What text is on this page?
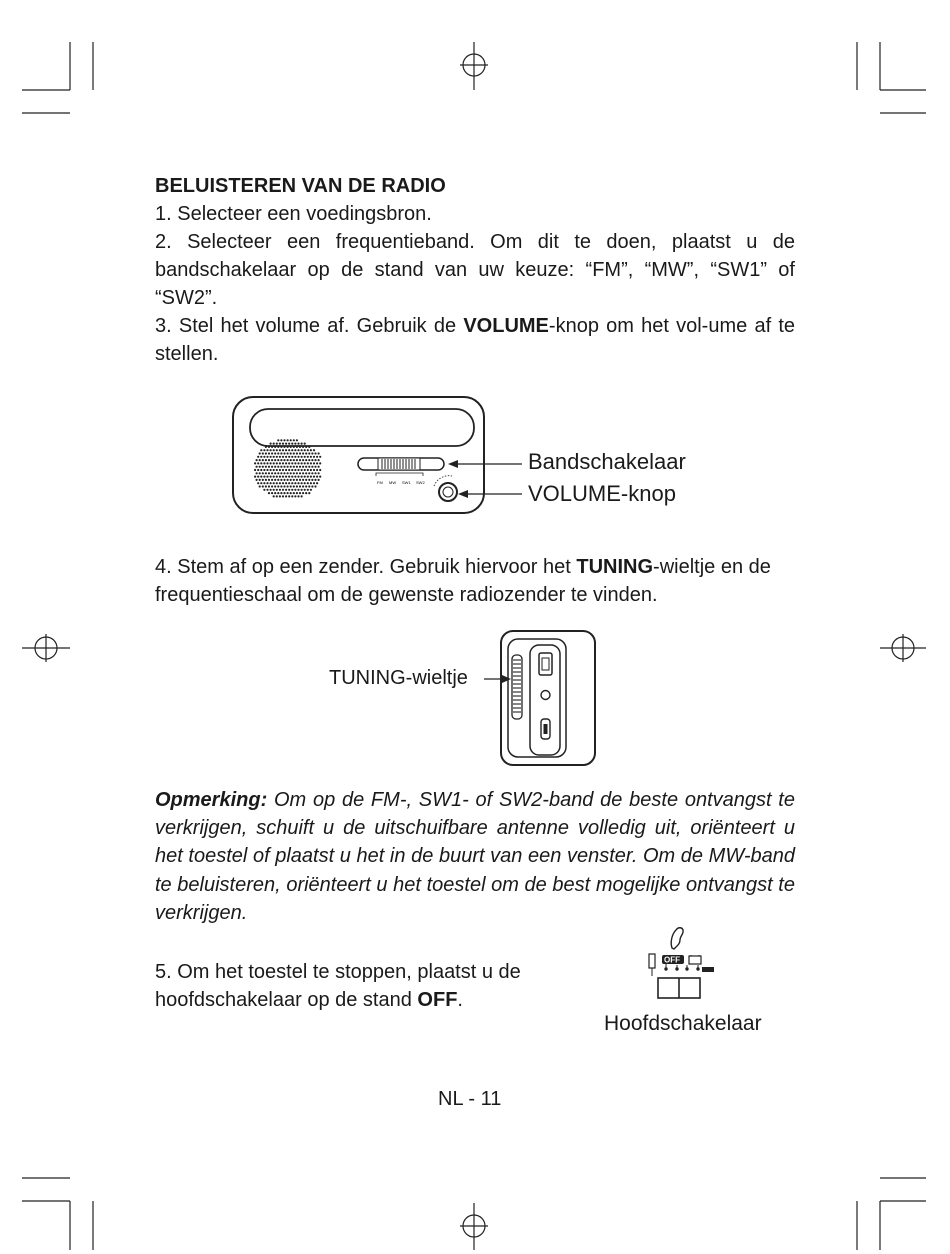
BELUISTEREN VAN DE RADIO

1. Selecteer een voedingsbron.

2. Selecteer een frequentieband. Om dit te doen, plaatst u de bandschakelaar op de stand van uw keuze: “FM”, “MW”, “SW1” of “SW2”.

3. Stel het volume af. Gebruik de VOLUME-knop om het vol-ume af te stellen.

FM MW SW1 SW2
Bandschakelaar
VOLUME-knop

4. Stem af op een zender. Gebruik hiervoor het TUNING-wieltje en de frequentieschaal om de gewenste radiozender te vinden.

TUNING-wieltje
Opmerking: Om op de FM-, SW1- of SW2-band de beste ontvangst te verkrijgen, schuift u de uitschuifbare antenne volledig uit, oriënteert u het toestel of plaatst u het in de buurt van een venster. Om de MW-band te beluisteren, oriënteert u het toestel om de best mogelijke ontvangst te verkrijgen.
5. Om het toestel te stoppen, plaatst u de hoofdschakelaar op de stand OFF.
OFF
Hoofdschakelaar
NL - 11
